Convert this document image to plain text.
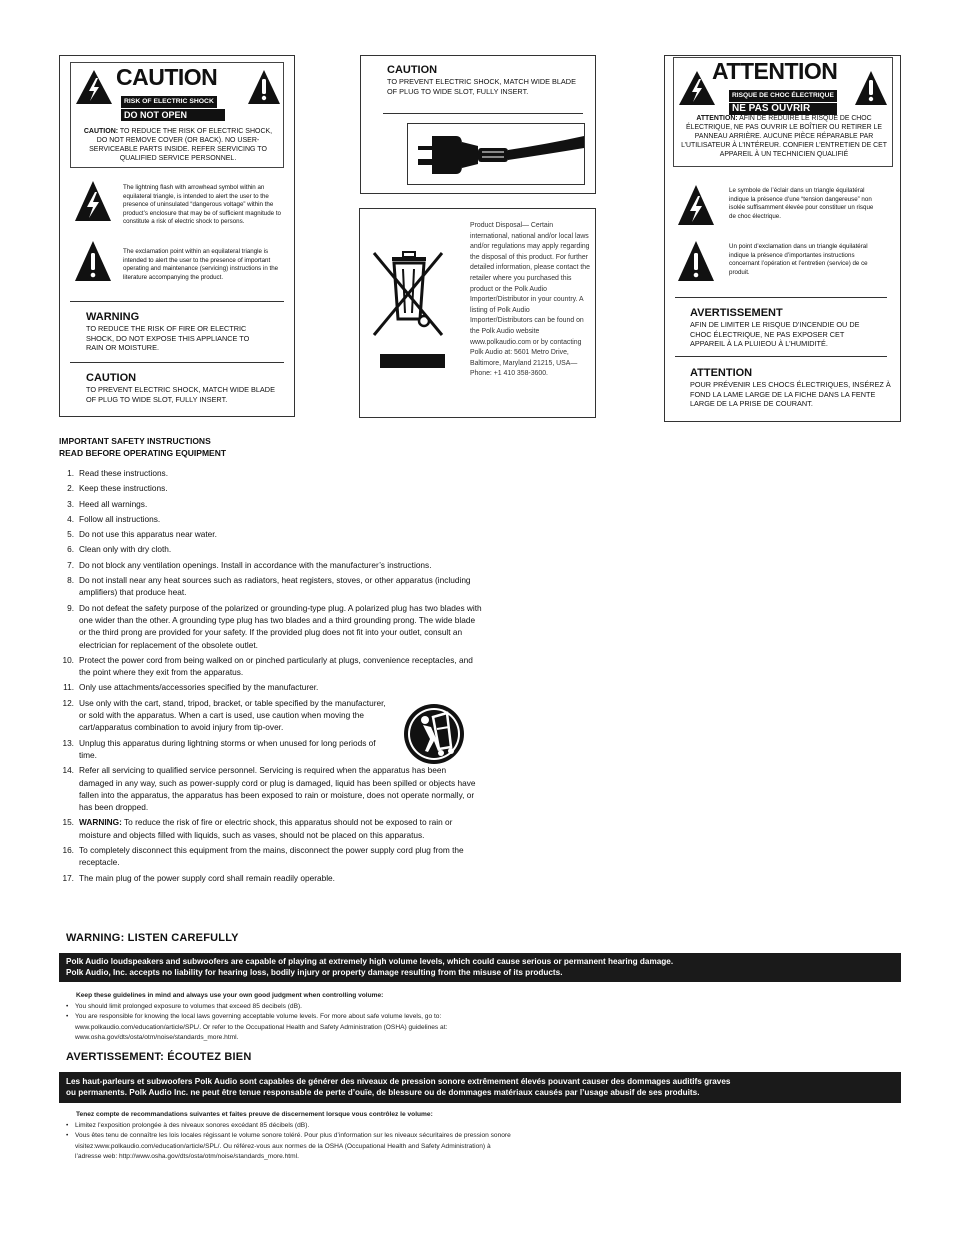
CAUTION
RISK OF ELECTRIC SHOCK
DO NOT OPEN
CAUTION: TO REDUCE THE RISK OF ELECTRIC SHOCK, DO NOT REMOVE COVER (OR BACK). NO USER-SERVICEABLE PARTS INSIDE. REFER SERVICING TO QUALIFIED SERVICE PERSONNEL.
The lightning flash with arrowhead symbol within an equilateral triangle, is intended to alert the user to the presence of uninsulated “dangerous voltage” within the product’s enclosure that may be of sufficient magnitude to constitute a risk of electric shock to persons.
The exclamation point within an equilateral triangle is intended to alert the user to the presence of important operating and maintenance (servicing) instructions in the literature accompanying the product.
WARNING
TO REDUCE THE RISK OF FIRE OR ELECTRIC SHOCK, DO NOT EXPOSE THIS APPLIANCE TO RAIN OR MOISTURE.
CAUTION
TO PREVENT ELECTRIC SHOCK, MATCH WIDE BLADE OF PLUG TO WIDE SLOT, FULLY INSERT.
CAUTION
TO PREVENT ELECTRIC SHOCK, MATCH WIDE BLADE OF PLUG TO WIDE SLOT, FULLY INSERT.
Product Disposal— Certain international, national and/or local laws and/or regulations may apply regarding the disposal of this product. For further detailed information, please contact the retailer where you purchased this product or the Polk Audio Importer/Distributor in your country. A listing of Polk Audio Importer/Distributors can be found on the Polk Audio website www.polkaudio.com or by contacting Polk Audio at: 5601 Metro Drive, Baltimore, Maryland 21215, USA—Phone: +1 410 358-3600.
ATTENTION
RISQUE DE CHOC ÉLECTRIQUE
NE PAS OUVRIR
ATTENTION: AFIN DE RÉDUIRE LE RISQUE DE CHOC ÉLECTRIQUE, NE PAS OUVRIR LE BOÎTIER OU RETIRER LE PANNEAU ARRIÈRE. AUCUNE PIÈCE RÉPARABLE PAR L’UTILISATEUR À L’INTÉREUR. CONFIER L’ENTRETIEN DE CET APPAREIL À UN TECHNICIEN QUALIFIÉ
Le symbole de l’éclair dans un triangle équilatéral indique la présence d’une “tension dangereuse” non isolée suffisamment élevée pour constituer un risque de choc électrique.
Un point d’exclamation dans un triangle équilatéral indique la présence d’importantes instructions concernant l’opération et l’entretien (service) de ce produit.
AVERTISSEMENT
AFIN DE LIMITER LE RISQUE D’INCENDIE OU DE CHOC ÉLECTRIQUE, NE PAS EXPOSER CET APPAREIL À LA PLUIEOU À L’HUMIDITÉ.
ATTENTION
POUR PRÉVENIR LES CHOCS ÉLECTRIQUES, INSÉREZ À FOND LA LAME LARGE DE LA FICHE DANS LA FENTE LARGE DE LA PRISE DE COURANT.
IMPORTANT SAFETY INSTRUCTIONS
READ BEFORE OPERATING EQUIPMENT
1. Read these instructions.
2. Keep these instructions.
3. Heed all warnings.
4. Follow all instructions.
5. Do not use this apparatus near water.
6. Clean only with dry cloth.
7. Do not block any ventilation openings. Install in accordance with the manufacturer’s instructions.
8. Do not install near any heat sources such as radiators, heat registers, stoves, or other apparatus (including amplifiers) that produce heat.
9. Do not defeat the safety purpose of the polarized or grounding-type plug. A polarized plug has two blades with one wider than the other. A grounding type plug has two blades and a third grounding prong. The wide blade or the third prong are provided for your safety. If the provided plug does not fit into your outlet, consult an electrician for replacement of the obsolete outlet.
10. Protect the power cord from being walked on or pinched particularly at plugs, convenience receptacles, and the point where they exit from the apparatus.
11. Only use attachments/accessories specified by the manufacturer.
12. Use only with the cart, stand, tripod, bracket, or table specified by the manufacturer, or sold with the apparatus. When a cart is used, use caution when moving the cart/apparatus combination to avoid injury from tip-over.
13. Unplug this apparatus during lightning storms or when unused for long periods of time.
14. Refer all servicing to qualified service personnel. Servicing is required when the apparatus has been damaged in any way, such as power-supply cord or plug is damaged, liquid has been spilled or objects have fallen into the apparatus, the apparatus has been exposed to rain or moisture, does not operate normally, or has been dropped.
15. WARNING: To reduce the risk of fire or electric shock, this apparatus should not be exposed to rain or moisture and objects filled with liquids, such as vases, should not be placed on this apparatus.
16. To completely disconnect this equipment from the mains, disconnect the power supply cord plug from the receptacle.
17. The main plug of the power supply cord shall remain readily operable.
WARNING: LISTEN CAREFULLY
Polk Audio loudspeakers and subwoofers are capable of playing at extremely high volume levels, which could cause serious or permanent hearing damage.
Polk Audio, Inc. accepts no liability for hearing loss, bodily injury or property damage resulting from the misuse of its products.
Keep these guidelines in mind and always use your own good judgment when controlling volume:
• You should limit prolonged exposure to volumes that exceed 85 decibels (dB).
• You are responsible for knowing the local laws governing acceptable volume levels. For more about safe volume levels, go to: www.polkaudio.com/education/article/SPL/. Or refer to the Occupational Health and Safety Administration (OSHA) guidelines at: www.osha.gov/dts/osta/otm/noise/standards_more.html.
AVERTISSEMENT: ÉCOUTEZ BIEN
Les haut-parleurs et subwoofers Polk Audio sont capables de générer des niveaux de pression sonore extrêmement élevés pouvant causer des dommages auditifs graves
ou permanents. Polk Audio Inc. ne peut être tenue responsable de perte d’ouïe, de blessure ou de dommages matériaux causés par l’usage abusif de ses produits.
Tenez compte de recommandations suivantes et faites preuve de discernement lorsque vous contrôlez le volume:
• Limitez l’exposition prolongée à des niveaux sonores excédant 85 décibels (dB).
• Vous êtes tenu de connaître les lois locales régissant le volume sonore toléré. Pour plus d’information sur les niveaux sécuritaires de pression sonore visitez:www.polkaudio.com/education/article/SPL/. Ou référez-vous aux normes de la OSHA (Occupational Health and Safety Administration) à l’adresse web: http://www.osha.gov/dts/osta/otm/noise/standards_more.html.
